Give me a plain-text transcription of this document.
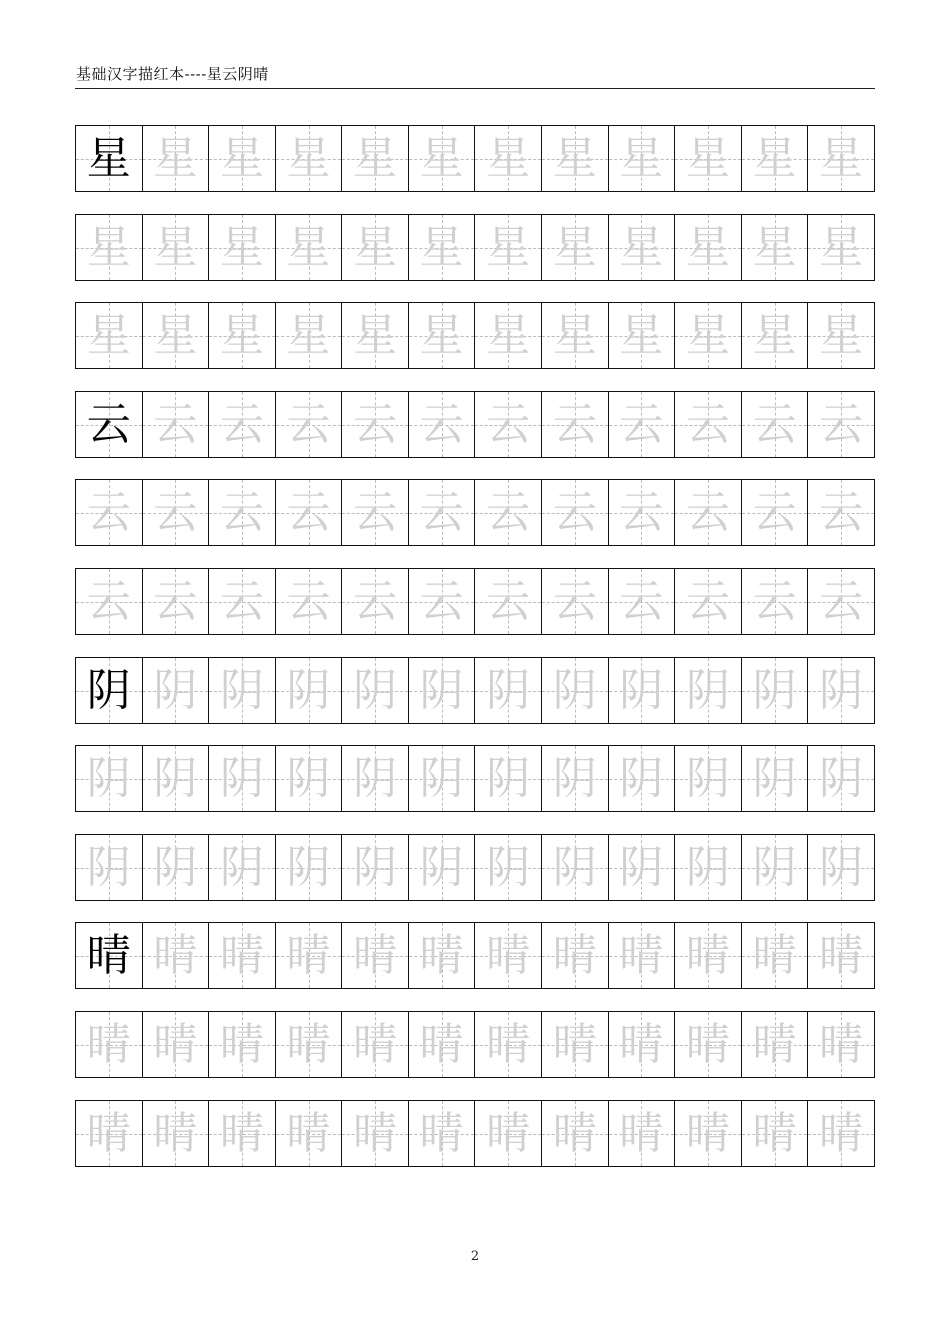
基础汉字描红本----星云阴晴
星 星 星 星 星 星 星 星 星 星 星 星
星 星 星 星 星 星 星 星 星 星 星 星
星 星 星 星 星 星 星 星 星 星 星 星
云 云 云 云 云 云 云 云 云 云 云 云
云 云 云 云 云 云 云 云 云 云 云 云
云 云 云 云 云 云 云 云 云 云 云 云
阴 阴 阴 阴 阴 阴 阴 阴 阴 阴 阴 阴
阴 阴 阴 阴 阴 阴 阴 阴 阴 阴 阴 阴
阴 阴 阴 阴 阴 阴 阴 阴 阴 阴 阴 阴
晴 晴 晴 晴 晴 晴 晴 晴 晴 晴 晴 晴
晴 晴 晴 晴 晴 晴 晴 晴 晴 晴 晴 晴
晴 晴 晴 晴 晴 晴 晴 晴 晴 晴 晴 晴
2
